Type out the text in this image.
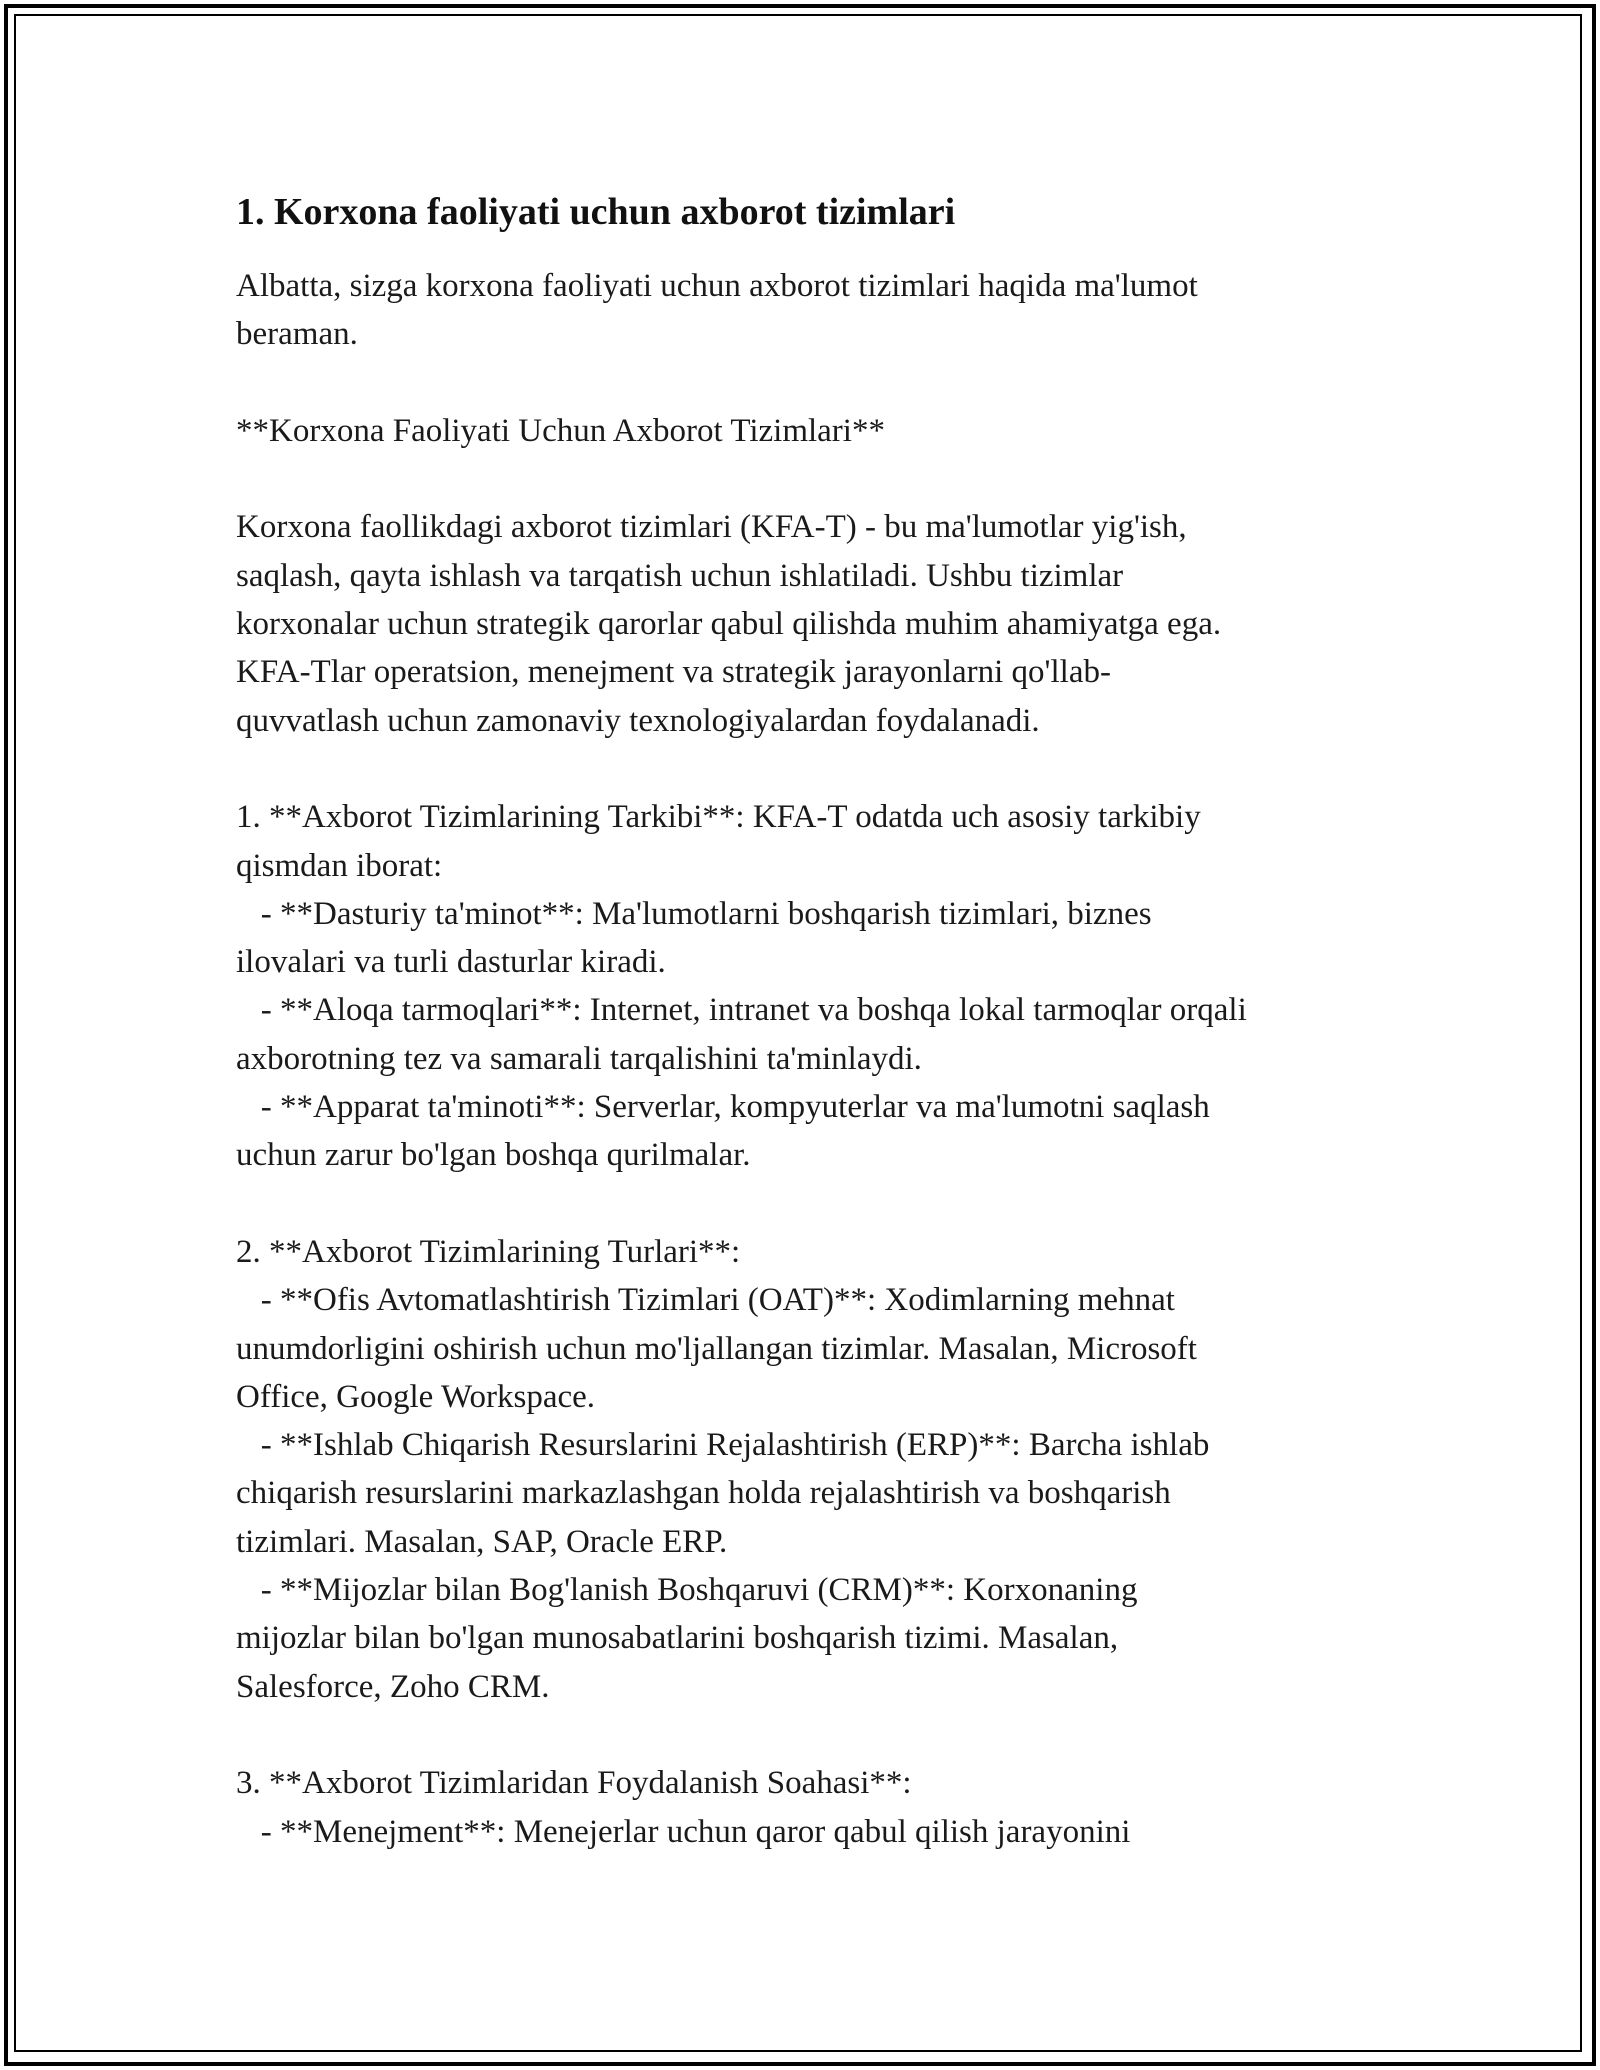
1. Korxona faoliyati uchun axborot tizimlari

Albatta, sizga korxona faoliyati uchun axborot tizimlari haqida ma'lumot

beraman.

**Korxona Faoliyati Uchun Axborot Tizimlari**

Korxona faollikdagi axborot tizimlari (KFA-T) - bu ma'lumotlar yig'ish,

saqlash, qayta ishlash va tarqatish uchun ishlatiladi. Ushbu tizimlar

korxonalar uchun strategik qarorlar qabul qilishda muhim ahamiyatga ega.

KFA-Tlar operatsion, menejment va strategik jarayonlarni qo'llab-

quvvatlash uchun zamonaviy texnologiyalardan foydalanadi.

1. **Axborot Tizimlarining Tarkibi**: KFA-T odatda uch asosiy tarkibiy

qismdan iborat:

- **Dasturiy ta'minot**: Ma'lumotlarni boshqarish tizimlari, biznes

ilovalari va turli dasturlar kiradi.

- **Aloqa tarmoqlari**: Internet, intranet va boshqa lokal tarmoqlar orqali

axborotning tez va samarali tarqalishini ta'minlaydi.

- **Apparat ta'minoti**: Serverlar, kompyuterlar va ma'lumotni saqlash

uchun zarur bo'lgan boshqa qurilmalar.

2. **Axborot Tizimlarining Turlari**:

- **Ofis Avtomatlashtirish Tizimlari (OAT)**: Xodimlarning mehnat

unumdorligini oshirish uchun mo'ljallangan tizimlar. Masalan, Microsoft

Office, Google Workspace.

- **Ishlab Chiqarish Resurslarini Rejalashtirish (ERP)**: Barcha ishlab

chiqarish resurslarini markazlashgan holda rejalashtirish va boshqarish

tizimlari. Masalan, SAP, Oracle ERP.

- **Mijozlar bilan Bog'lanish Boshqaruvi (CRM)**: Korxonaning

mijozlar bilan bo'lgan munosabatlarini boshqarish tizimi. Masalan,

Salesforce, Zoho CRM.

3. **Axborot Tizimlaridan Foydalanish Soahasi**:

- **Menejment**: Menejerlar uchun qaror qabul qilish jarayonini
